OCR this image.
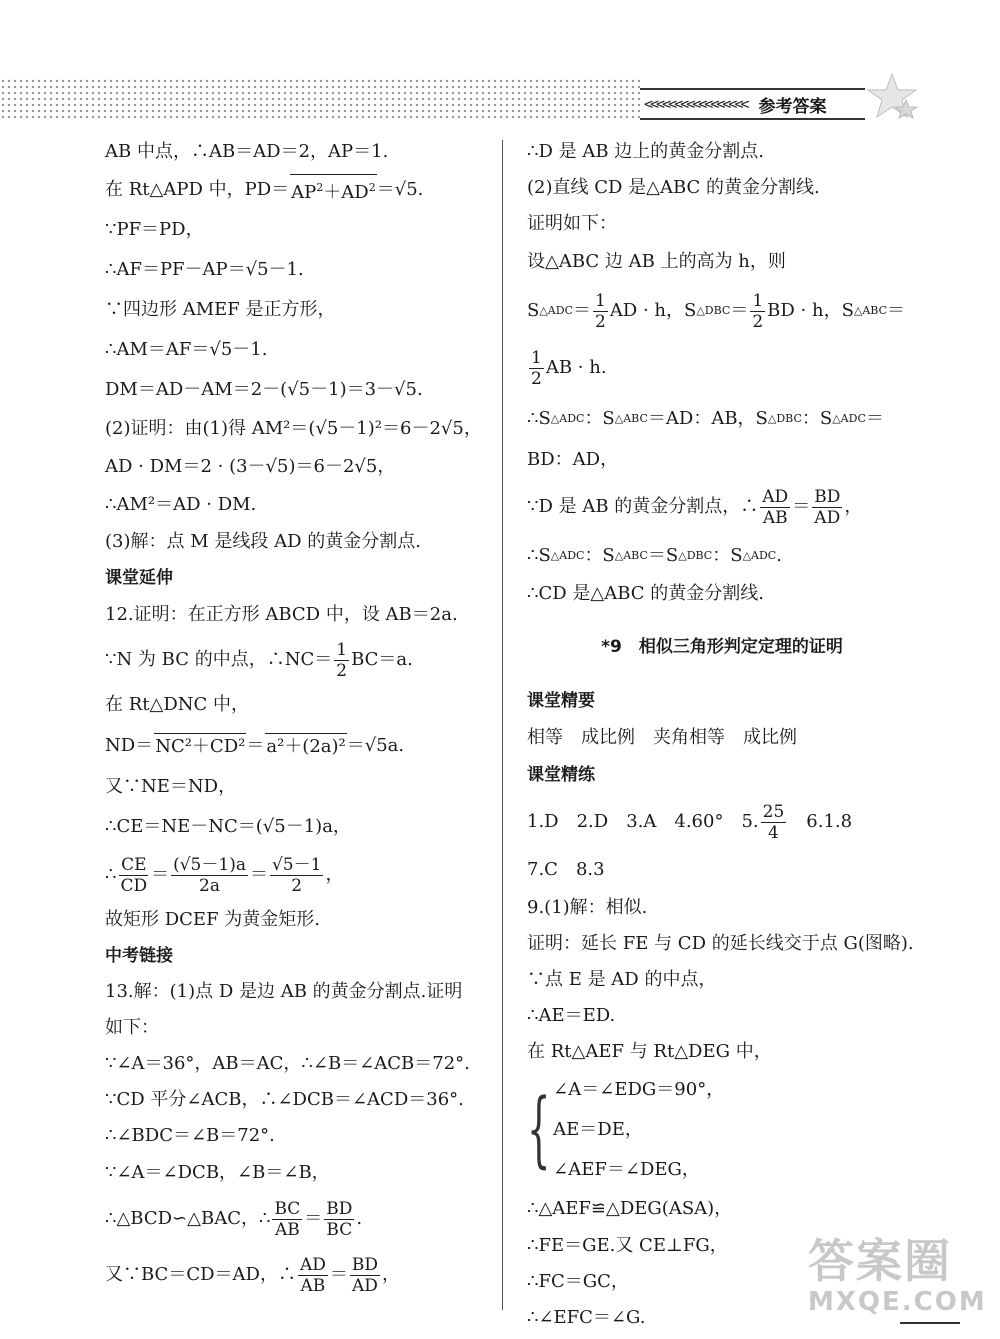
<<<<<<<<<<<<<<<<< 参考答案
AB 中点，∴AB＝AD＝2，AP＝1.
在 Rt△APD 中，$PD= AP^2+AD^2 =√5$.
∵PF＝PD，
∴AF＝PF－AP＝√5－1.
∵四边形 AMEF 是正方形，
∴AM＝AF＝√5－1.
DM＝AD－AM＝2－(√5－1)＝3－√5.
(2)证明：由(1)得 AM²＝(√5－1)²＝6－2√5，
AD · DM＝2 · (3－√5)＝6－2√5，
∴AM²＝AD · DM.
(3)解：点 M 是线段 AD 的黄金分割点.
课堂延伸
12.证明：在正方形 ABCD 中，设 AB＝2a.
∵N 为 BC 的中点，∴NC＝ $\frac{1}{2} BC=a$.
在 Rt△DNC 中，
ND＝ NC²＋CD² ＝ a²＋(2a)² ＝√5a.
又∵NE＝ND，
∴CE＝NE－NC＝(√5－1)a，
∴ $\frac{CE}{CD} = \frac{(√5-1)a}{2a} = \frac{√5-1}{2}$ ，
故矩形 DCEF 为黄金矩形.
中考链接
13.解：(1)点 D 是边 AB 的黄金分割点.证明
如下：
∵∠A＝36°，AB＝AC，∴∠B＝∠ACB＝72°.
∵CD 平分∠ACB，∴∠DCB＝∠ACD＝36°.
∴∠BDC＝∠B＝72°.
∵∠A＝∠DCB，∠B＝∠B，
∴△BCD∽△BAC，∴ $\frac{BC}{AB} = \frac{BD}{BC}$ .
又∵BC＝CD＝AD，∴ $\frac{AD}{AB} = \frac{BD}{AD}$ ，
∴D 是 AB 边上的黄金分割点.
(2)直线 CD 是△ABC 的黄金分割线.
证明如下：
设△ABC 边 AB 上的高为 h，则
S △ADC ＝ $\frac{1}{2}$ AD · h，S △DBC ＝ $\frac{1}{2}$ BD · h，S △ABC ＝
$\frac{1}{2}$ AB · h.
∴S △ADC ：S △ABC ＝AD：AB，S △DBC ：S △ADC ＝
BD：AD，
∵D 是 AB 的黄金分割点，∴ $\frac{AD}{AB} = \frac{BD}{AD}$ ，
∴S △ADC ：S △ABC ＝S △DBC ：S △ADC .
∴CD 是△ABC 的黄金分割线.
*9　相似三角形判定定理的证明
课堂精要
相等　成比例　夹角相等　成比例
课堂精练
1.D　2.D　3.A　4.60°　5. $\frac{25}{4}$ 　6.1.8
7.C　8.3
9.(1)解：相似.
证明：延长 FE 与 CD 的延长线交于点 G(图略).
∵点 E 是 AD 的中点，
∴AE＝ED.
在 Rt△AEF 与 Rt△DEG 中，
{ ∠A＝∠EDG＝90°，
AE＝DE，
∠AEF＝∠DEG，
∴△AEF≌△DEG(ASA)，
∴FE＝GE.又 CE⊥FG，
∴FC＝GC，
∴∠EFC＝∠G.
答案圈
MXQE.COM
